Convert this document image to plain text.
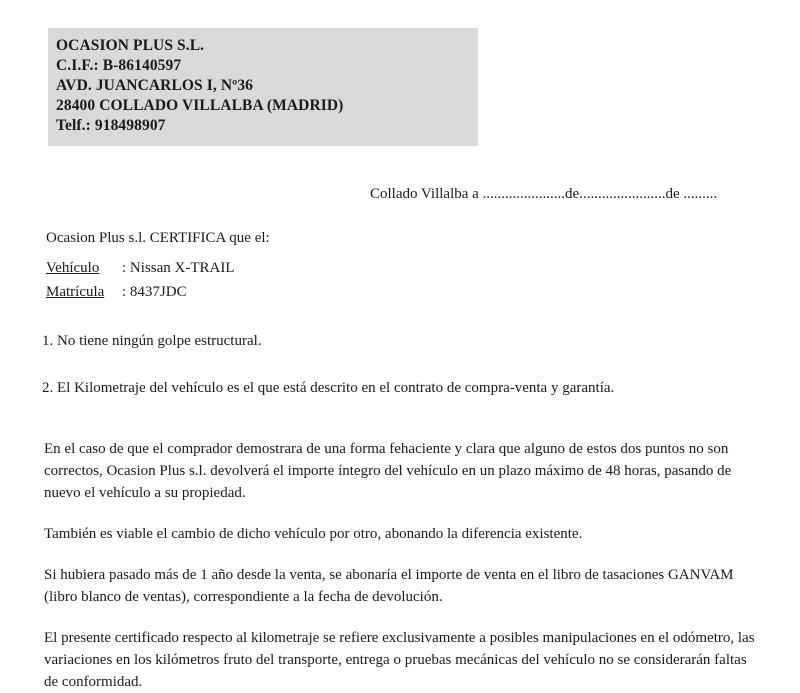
OCASION PLUS S.L.
C.I.F.: B-86140597
AVD. JUANCARLOS I, Nº36
28400 COLLADO VILLALBA (MADRID)
Telf.: 918498907
Collado Villalba a ......................de.......................de .........

Ocasion Plus s.l. CERTIFICA que el:

Vehículo	: Nissan X-TRAIL
Matrícula	: 8437JDC

1. No tiene ningún golpe estructural.

2. El Kilometraje del vehículo es el que está descrito en el contrato de compra-venta y garantía.

En el caso de que el comprador demostrara de una forma fehaciente y clara que alguno de estos dos puntos no son correctos, Ocasion Plus s.l. devolverá el importe íntegro del vehículo en un plazo máximo de 48 horas, pasando de nuevo el vehículo a su propiedad.

También es viable el cambio de dicho vehículo por otro, abonando la diferencia existente.

Si hubiera pasado más de 1 año desde la venta, se abonaría el importe de venta en el libro de tasaciones GANVAM (libro blanco de ventas), correspondiente a la fecha de devolución.

El presente certificado respecto al kilometraje se refiere exclusivamente a posibles manipulaciones en el odómetro, las variaciones en los kilómetros fruto del transporte, entrega o pruebas mecánicas del vehículo no se considerarán faltas de conformidad.
